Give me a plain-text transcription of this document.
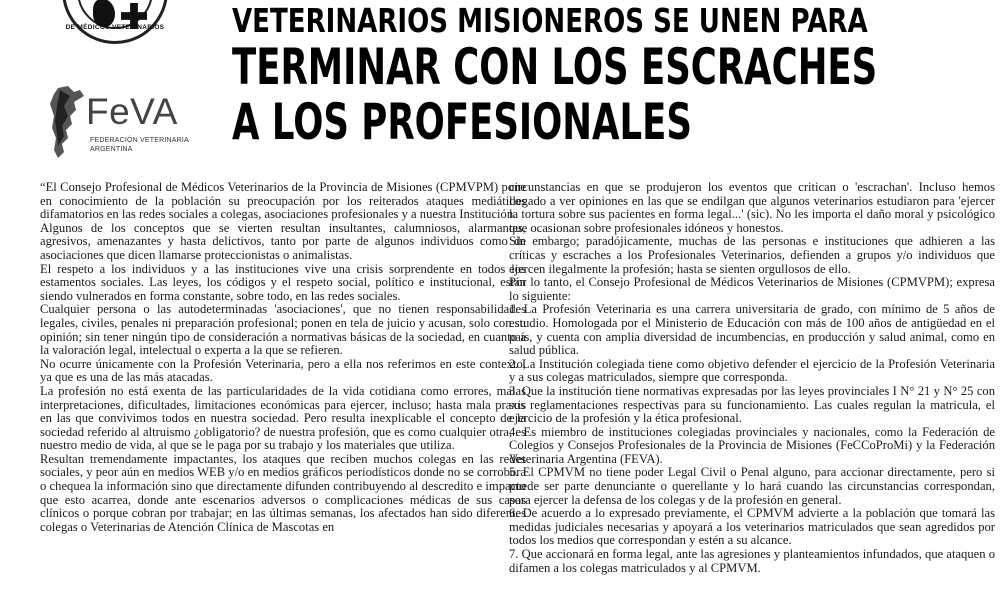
DE MÉDICOS VETERINARIOS
FeVA
FEDERACIÓN VETERINARIA
ARGENTINA
VETERINARIOS MISIONEROS SE UNEN PARA
TERMINAR CON LOS ESCRACHES
A LOS PROFESIONALES

“El Consejo Profesional de Médicos Veterinarios de la Provincia de Misiones (CPMVPM) pone en conocimiento de la población su preocupación por los reiterados ataques mediáticos difamatorios en las redes sociales a colegas, asociaciones profesionales y a nuestra Institución.

Algunos de los conceptos que se vierten resultan insultantes, calumniosos, alarmantes, agresivos, amenazantes y hasta delictivos, tanto por parte de algunos individuos como de asociaciones que dicen llamarse proteccionistas o animalistas.

El respeto a los individuos y a las instituciones vive una crisis sorprendente en todos los estamentos sociales. Las leyes, los códigos y el respeto social, político e institucional, están siendo vulnerados en forma constante, sobre todo, en las redes sociales.

Cualquier persona o las autodeterminadas 'asociaciones', que no tienen responsabilidades legales, civiles, penales ni preparación profesional; ponen en tela de juicio y acusan, solo con su opinión; sin tener ningún tipo de consideración a normativas básicas de la sociedad, en cuanto a la valoración legal, intelectual o experta a la que se refieren.

No ocurre únicamente con la Profesión Veterinaria, pero a ella nos referimos en este contexto, ya que es una de las más atacadas.

La profesión no está exenta de las particularidades de la vida cotidiana como errores, malas interpretaciones, dificultades, limitaciones económicas para ejercer, incluso; hasta mala praxis en las que convivimos todos en nuestra sociedad. Pero resulta inexplicable el concepto de la sociedad referido al altruismo ¿obligatorio? de nuestra profesión, que es como cualquier otra, es nuestro medio de vida, al que se le paga por su trabajo y los materiales que utiliza.

Resultan tremendamente impactantes, los ataques que reciben muchos colegas en las redes sociales, y peor aún en medios WEB y/o en medios gráficos periodísticos donde no se corrobora o chequea la información sino que directamente difunden contribuyendo al descredito e impacto que esto acarrea, donde ante escenarios adversos o complicaciones médicas de sus casos clínicos o porque cobran por trabajar; en las últimas semanas, los afectados han sido diferentes colegas o Veterinarias de Atención Clínica de Mascotas en

circunstancias en que se produjeron los eventos que critican o 'escrachan'. Incluso hemos llegado a ver opiniones en las que se endilgan que algunos veterinarios estudiaron para 'ejercer la tortura sobre sus pacientes en forma legal...' (sic). No les importa el daño moral y psicológico que ocasionan sobre profesionales idóneos y honestos.

Sin embargo; paradójicamente, muchas de las personas e instituciones que adhieren a las críticas y escraches a los Profesionales Veterinarios, defienden a grupos y/o individuos que ejercen ilegalmente la profesión; hasta se sienten orgullosos de ello.

Por lo tanto, el Consejo Profesional de Médicos Veterinarios de Misiones (CPMVPM); expresa lo siguiente:

1. La Profesión Veterinaria es una carrera universitaria de grado, con mínimo de 5 años de estudio. Homologada por el Ministerio de Educación con más de 100 años de antigüedad en el país, y cuenta con amplia diversidad de incumbencias, en producción y salud animal, como en salud pública.

2. La Institución colegiada tiene como objetivo defender el ejercicio de la Profesión Veterinaria y a sus colegas matriculados, siempre que corresponda.

3. Que la institución tiene normativas expresadas por las leyes provinciales I N° 21 y N° 25 con sus reglamentaciones respectivas para su funcionamiento. Las cuales regulan la matricula, el ejercicio de la profesión y la ética profesional.

4. Es miembro de instituciones colegiadas provinciales y nacionales, como la Federación de Colegios y Consejos Profesionales de la Provincia de Misiones (FeCCoProMi) y la Federación Veterinaria Argentina (FEVA).

5. El CPMVM no tiene poder Legal Civil o Penal alguno, para accionar directamente, pero si puede ser parte denunciante o querellante y lo hará cuando las circunstancias correspondan, para ejercer la defensa de los colegas y de la profesión en general.

6. De acuerdo a lo expresado previamente, el CPMVM advierte a la población que tomará las medidas judiciales necesarias y apoyará a los veterinarios matriculados que sean agredidos por todos los medios que correspondan y estén a su alcance.

7. Que accionará en forma legal, ante las agresiones y planteamientos infundados, que ataquen o difamen a los colegas matriculados y al CPMVM.
